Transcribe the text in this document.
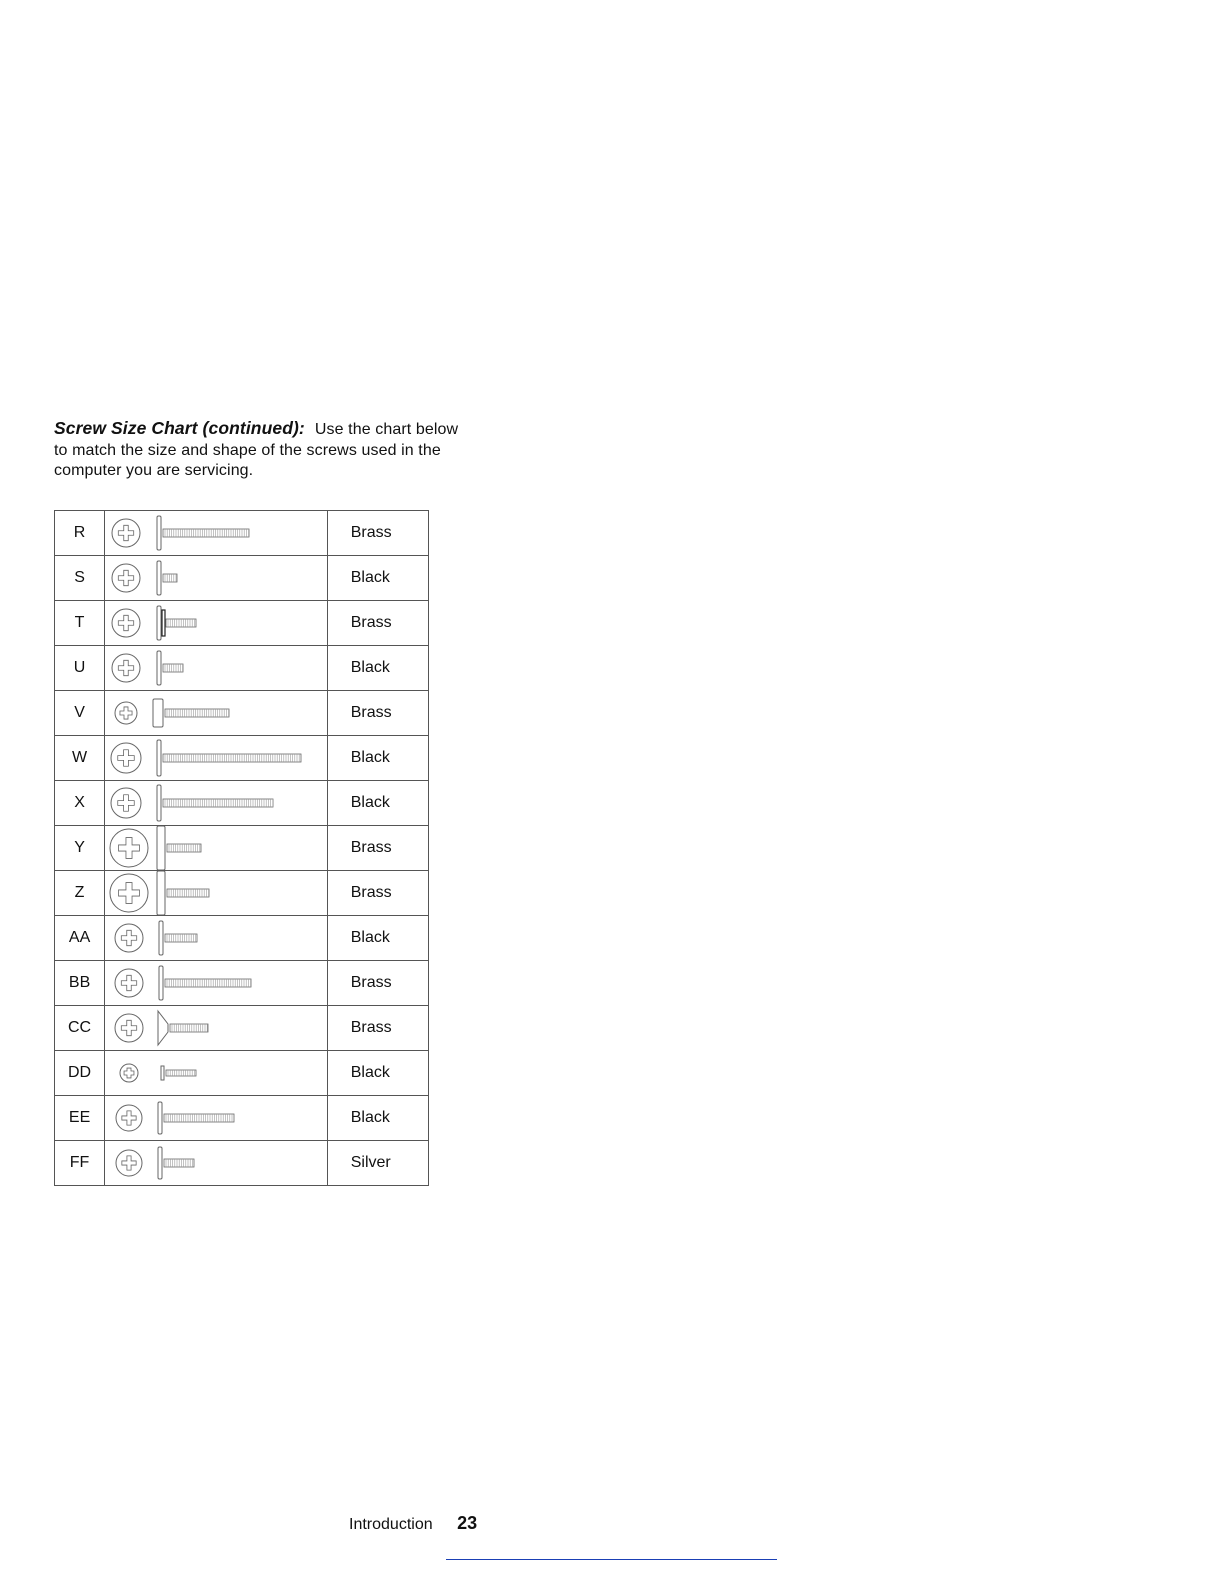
Screw Size Chart (continued): Use the chart below
to match the size and shape of the screws used in the
computer you are servicing.
R		Brass
S		Black
T		Brass
U		Black
V		Brass
W		Black
X		Black
Y		Brass
Z		Brass
AA		Black
BB		Brass
CC		Brass
DD		Black
EE		Black
FF		Silver
Introduction 23
